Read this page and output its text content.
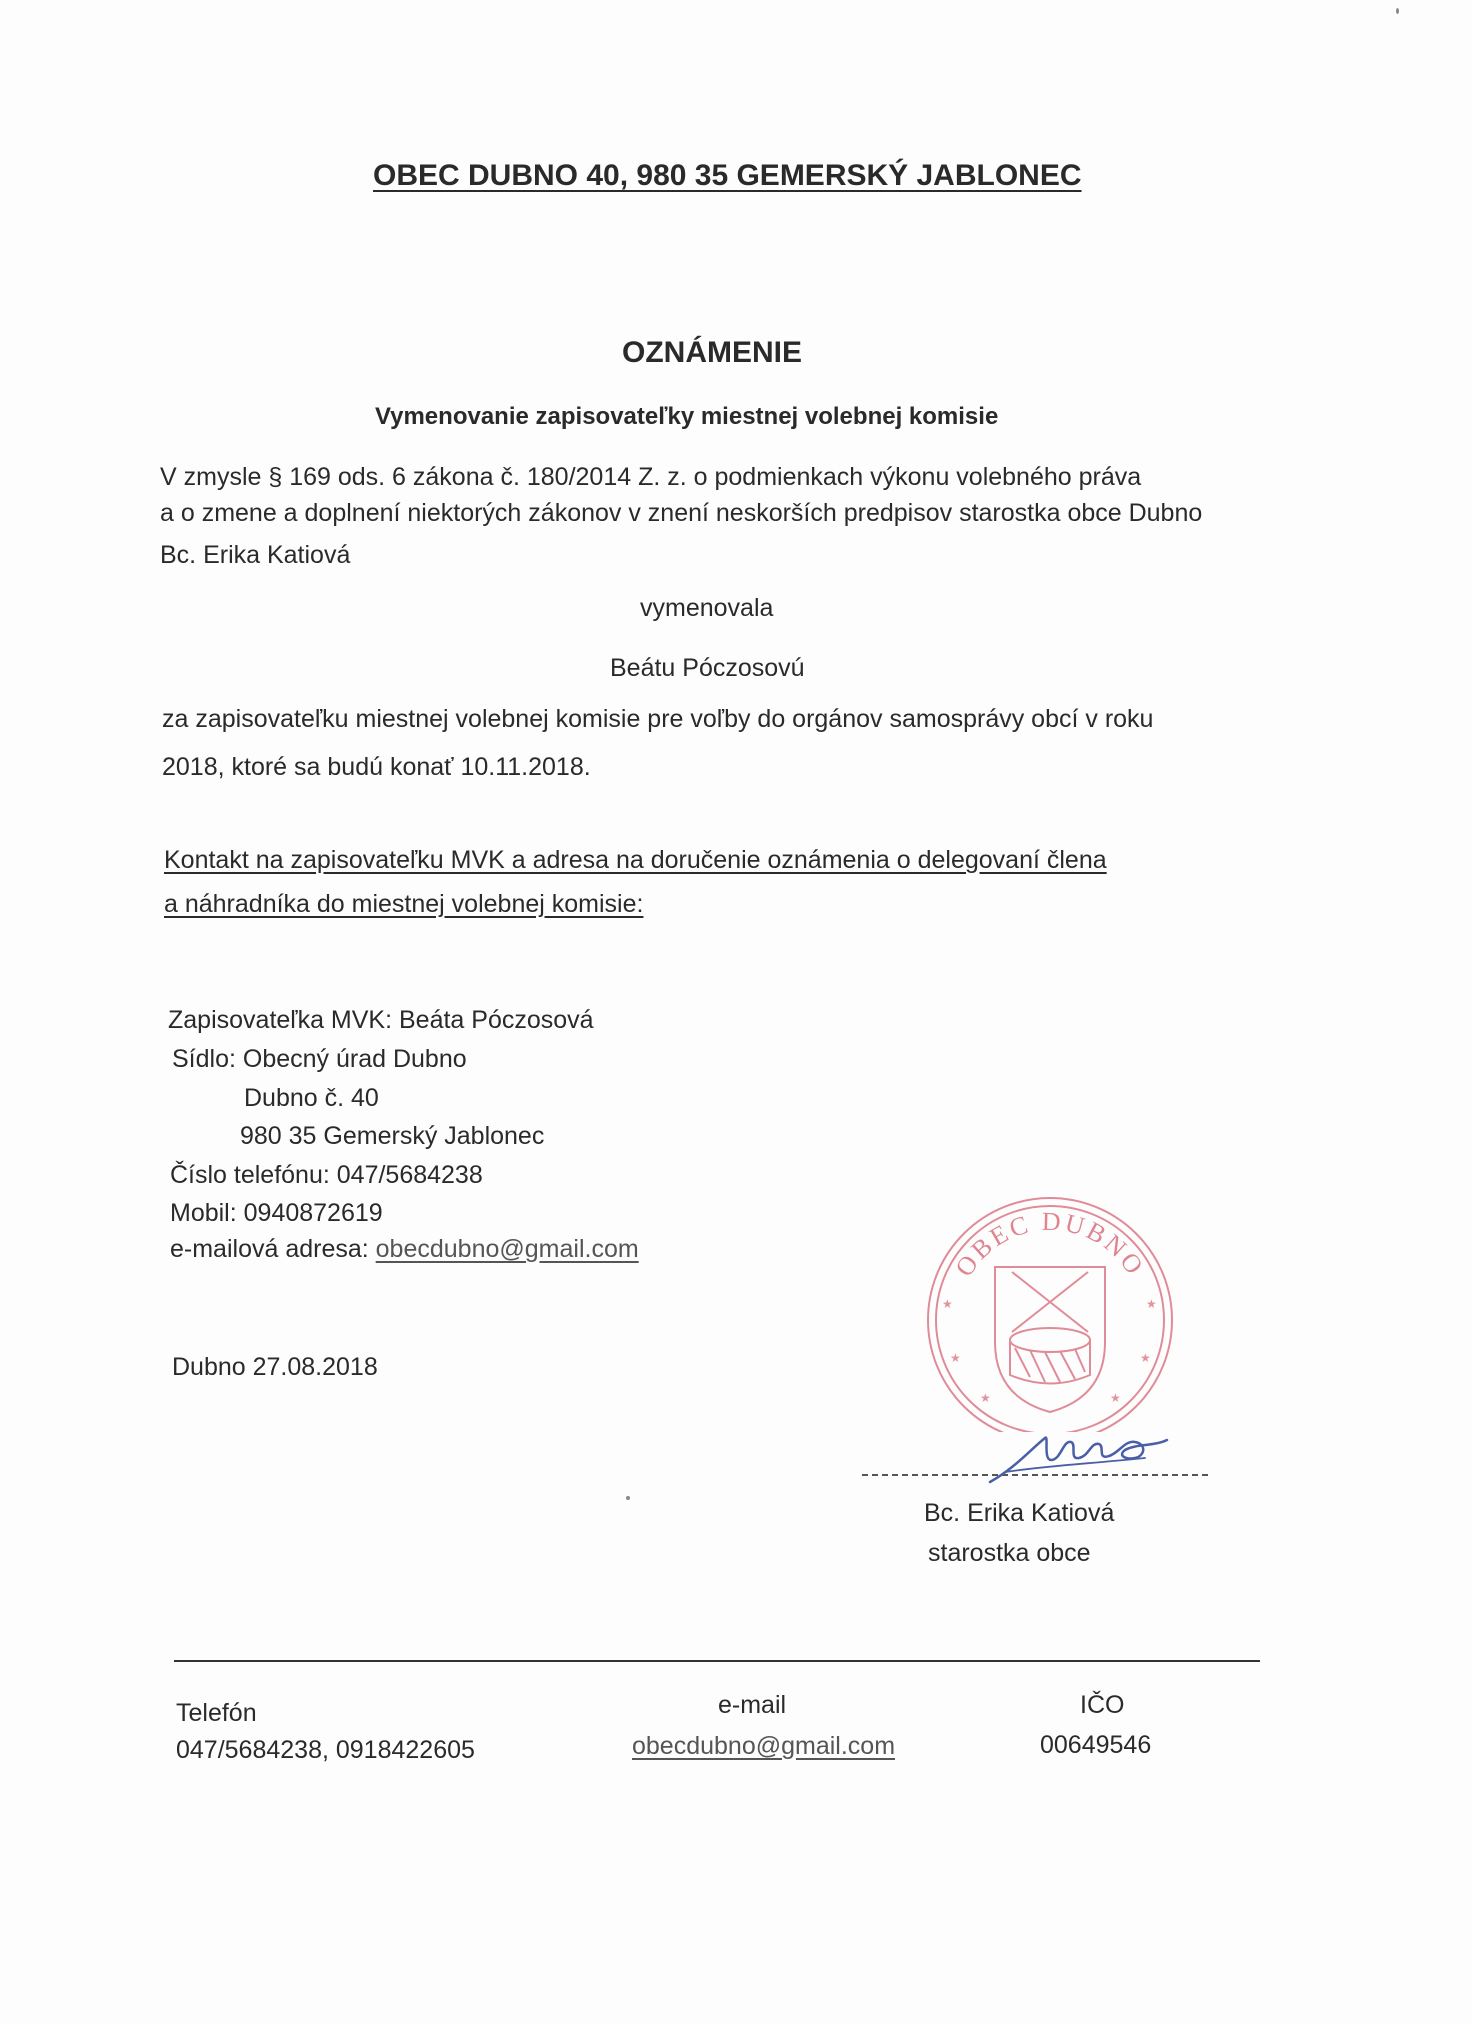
OBEC DUBNO 40, 980 35 GEMERSKÝ JABLONEC
OZNÁMENIE
Vymenovanie zapisovateľky miestnej volebnej komisie
V zmysle § 169 ods. 6 zákona č. 180/2014 Z. z. o podmienkach výkonu volebného práva
a o zmene a doplnení niektorých zákonov v znení neskorších predpisov starostka obce Dubno
Bc. Erika Katiová
vymenovala
Beátu Póczosovú
za zapisovateľku miestnej volebnej komisie pre voľby do orgánov samosprávy obcí v roku
2018, ktoré sa budú konať 10.11.2018.
Kontakt na zapisovateľku MVK a adresa na doručenie oznámenia o delegovaní člena
a náhradníka do miestnej volebnej komisie:
Zapisovateľka MVK: Beáta Póczosová
Sídlo: Obecný úrad Dubno
Dubno č. 40
980 35 Gemerský Jablonec
Číslo telefónu: 047/5684238
Mobil: 0940872619
e-mailová adresa: obecdubno@gmail.com
Dubno 27.08.2018
OBEC DUBNO
★	★
★	★
★	★
Bc. Erika Katiová
starostka obce
Telefón
047/5684238, 0918422605
e-mail
obecdubno@gmail.com
IČO
00649546
